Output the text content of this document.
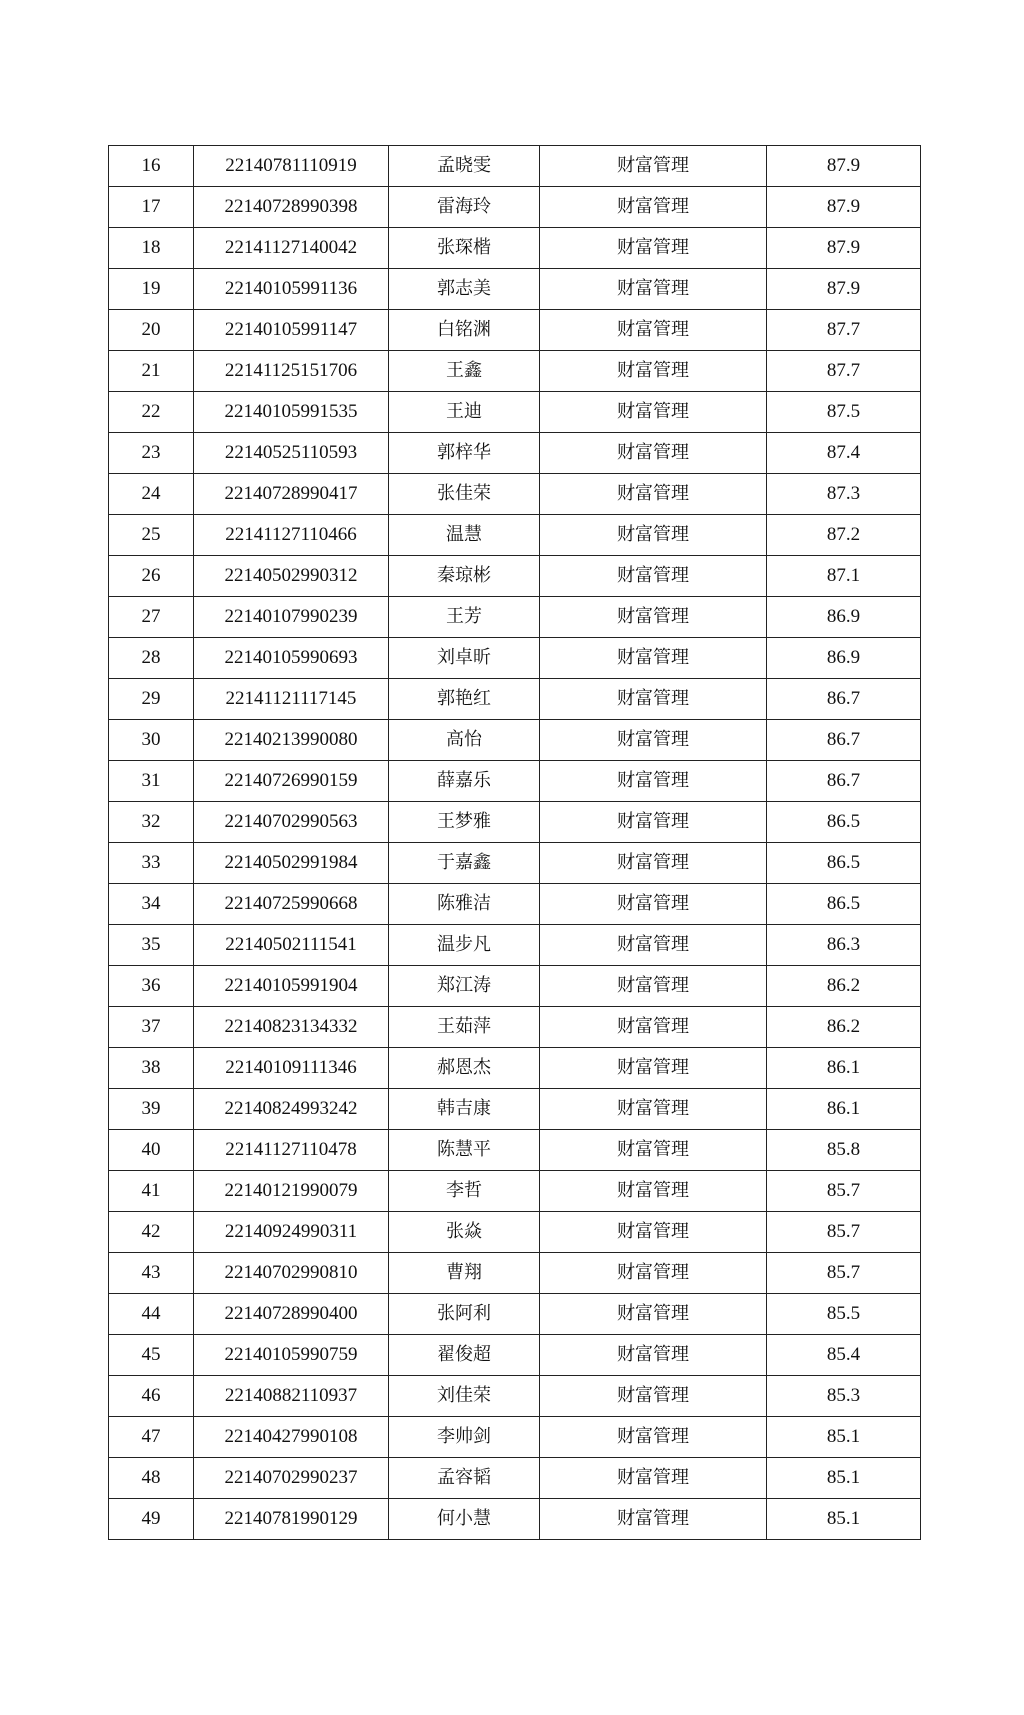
16	22140781110919	孟晓雯	财富管理	87.9
17	22140728990398	雷海玲	财富管理	87.9
18	22141127140042	张琛楷	财富管理	87.9
19	22140105991136	郭志美	财富管理	87.9
20	22140105991147	白铭渊	财富管理	87.7
21	22141125151706	王鑫	财富管理	87.7
22	22140105991535	王迪	财富管理	87.5
23	22140525110593	郭梓华	财富管理	87.4
24	22140728990417	张佳荣	财富管理	87.3
25	22141127110466	温慧	财富管理	87.2
26	22140502990312	秦琼彬	财富管理	87.1
27	22140107990239	王芳	财富管理	86.9
28	22140105990693	刘卓昕	财富管理	86.9
29	22141121117145	郭艳红	财富管理	86.7
30	22140213990080	高怡	财富管理	86.7
31	22140726990159	薛嘉乐	财富管理	86.7
32	22140702990563	王梦雅	财富管理	86.5
33	22140502991984	于嘉鑫	财富管理	86.5
34	22140725990668	陈雅洁	财富管理	86.5
35	22140502111541	温步凡	财富管理	86.3
36	22140105991904	郑江涛	财富管理	86.2
37	22140823134332	王茹萍	财富管理	86.2
38	22140109111346	郝恩杰	财富管理	86.1
39	22140824993242	韩吉康	财富管理	86.1
40	22141127110478	陈慧平	财富管理	85.8
41	22140121990079	李哲	财富管理	85.7
42	22140924990311	张焱	财富管理	85.7
43	22140702990810	曹翔	财富管理	85.7
44	22140728990400	张阿利	财富管理	85.5
45	22140105990759	翟俊超	财富管理	85.4
46	22140882110937	刘佳荣	财富管理	85.3
47	22140427990108	李帅剑	财富管理	85.1
48	22140702990237	孟容韬	财富管理	85.1
49	22140781990129	何小慧	财富管理	85.1
